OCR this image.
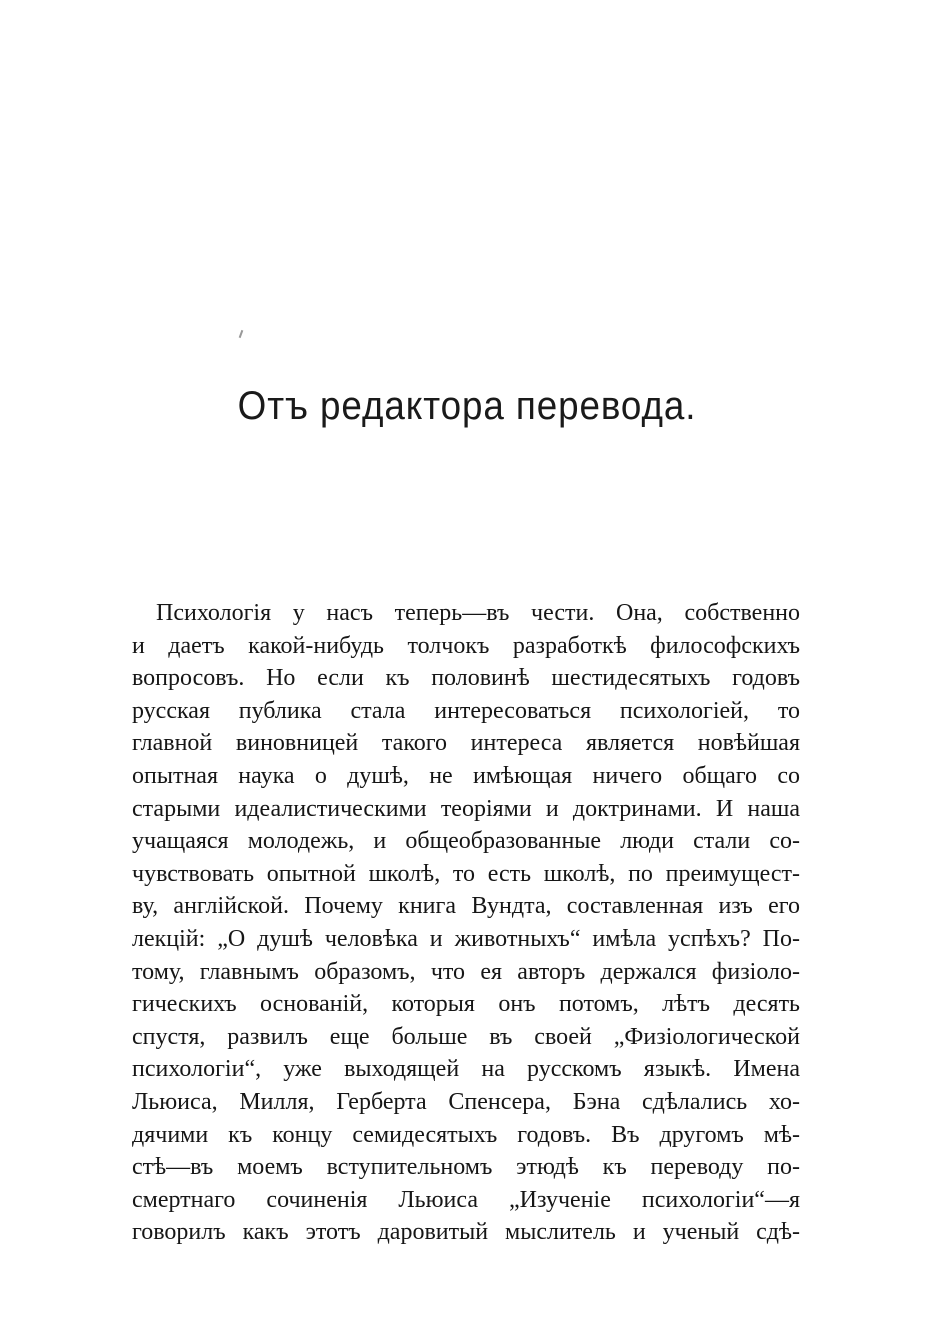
Отъ редактора перевода.
Психологія у насъ теперь—въ чести. Она, собственно
и даетъ какой-нибудь толчокъ разработкѣ философскихъ
вопросовъ. Но если къ половинѣ шестидесятыхъ годовъ
русская публика стала интересоваться психологіей, то
главной виновницей такого интереса является новѣйшая
опытная наука о душѣ, не имѣющая ничего общаго со
старыми идеалистическими теоріями и доктринами. И наша
учащаяся молодежь, и общеобразованные люди стали со-
чувствовать опытной школѣ, то есть школѣ, по преимущест-
ву, англійской. Почему книга Вундта, составленная изъ его
лекцій: „О душѣ человѣка и животныхъ“ имѣла успѣхъ? По-
тому, главнымъ образомъ, что ея авторъ держался физіоло-
гическихъ основаній, которыя онъ потомъ, лѣтъ десять
спустя, развилъ еще больше въ своей „Физіологической
психологіи“, уже выходящей на русскомъ языкѣ. Имена
Льюиса, Милля, Герберта Спенсера, Бэна сдѣлались хо-
дячими къ концу семидесятыхъ годовъ. Въ другомъ мѣ-
стѣ—въ моемъ вступительномъ этюдѣ къ переводу по-
смертнаго сочиненія Льюиса „Изученіе психологіи“—я
говорилъ какъ этотъ даровитый мыслитель и ученый сдѣ-
